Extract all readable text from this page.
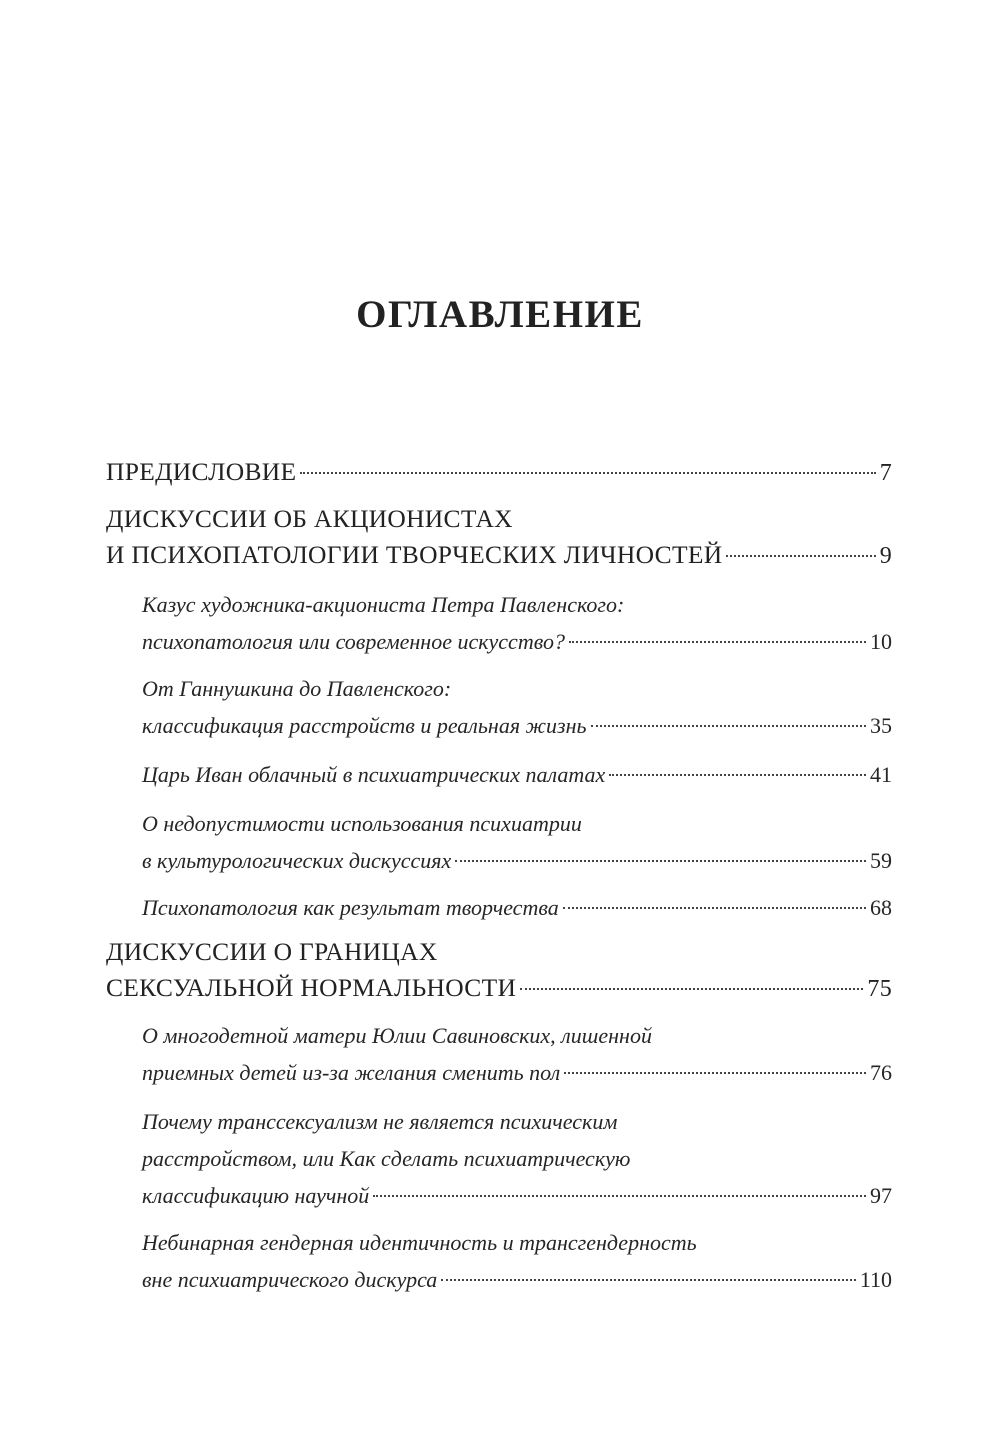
ОГЛАВЛЕНИЕ
ПРЕДИСЛОВИЕ	7
ДИСКУССИИ ОБ АКЦИОНИСТАХ
И ПСИХОПАТОЛОГИИ ТВОРЧЕСКИХ ЛИЧНОСТЕЙ	9
Казус художника-акциониста Петра Павленского:
психопатология или современное искусство?	10
От Ганнушкина до Павленского:
классификация расстройств и реальная жизнь	35
Царь Иван облачный в психиатрических палатах	41
О недопустимости использования психиатрии
в культурологических дискуссиях	59
Психопатология как результат творчества	68
ДИСКУССИИ О ГРАНИЦАХ
СЕКСУАЛЬНОЙ НОРМАЛЬНОСТИ	75
О многодетной матери Юлии Савиновских, лишенной
приемных детей из-за желания сменить пол	76
Почему транссексуализм не является психическим
расстройством, или Как сделать психиатрическую
классификацию научной	97
Небинарная гендерная идентичность и трансгендерность
вне психиатрического дискурса	110
